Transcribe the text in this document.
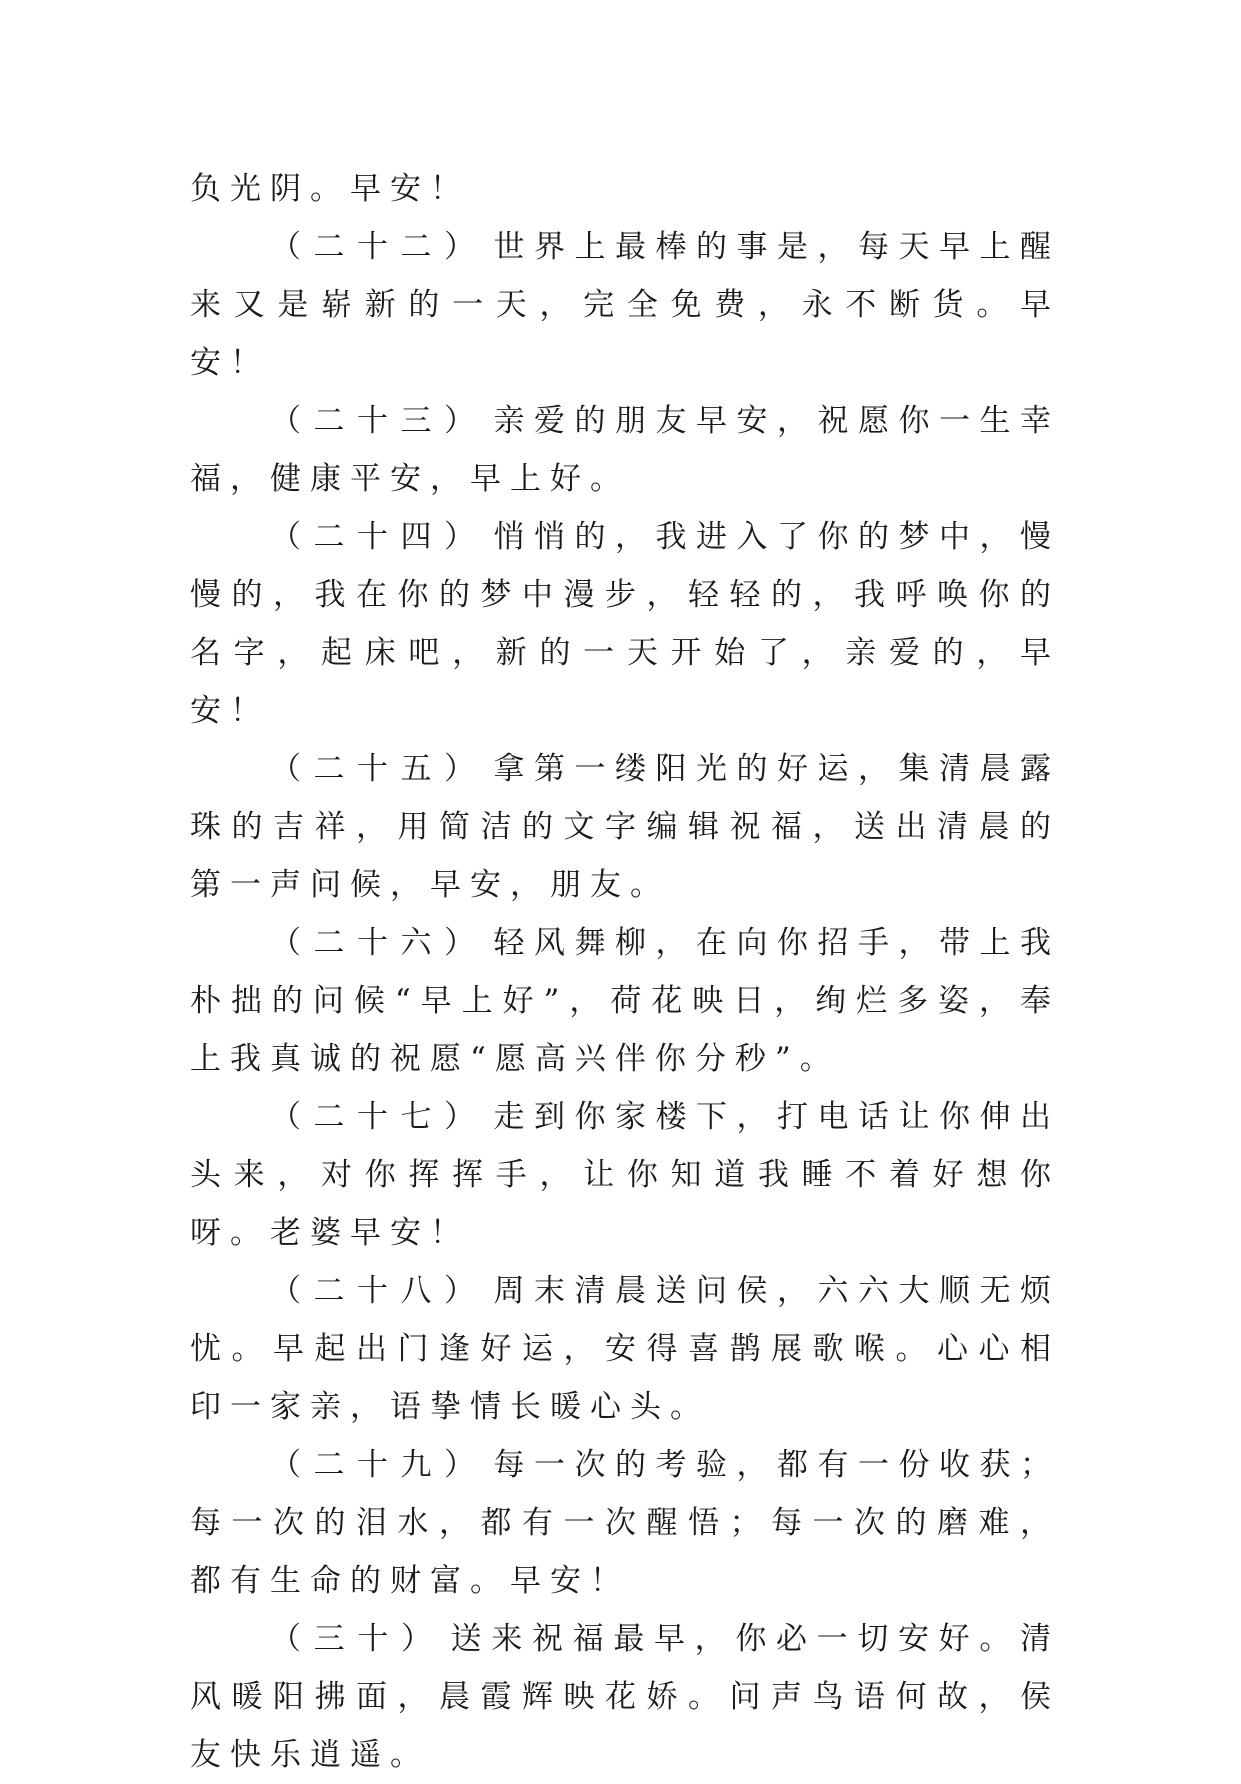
负光阴。早安！

（二十二） 世界上最棒的事是，每天早上醒来又是崭新的一天，完全免费，永不断货。早安！

（二十三） 亲爱的朋友早安，祝愿你一生幸福，健康平安，早上好。

（二十四） 悄悄的，我进入了你的梦中，慢慢的，我在你的梦中漫步，轻轻的，我呼唤你的名字，起床吧，新的一天开始了，亲爱的，早安！

（二十五） 拿第一缕阳光的好运，集清晨露珠的吉祥，用简洁的文字编辑祝福，送出清晨的第一声问候，早安，朋友。

（二十六） 轻风舞柳，在向你招手，带上我朴拙的问候“早上好”，荷花映日，绚烂多姿，奉上我真诚的祝愿“愿高兴伴你分秒”。

（二十七） 走到你家楼下，打电话让你伸出头来，对你挥挥手，让你知道我睡不着好想你呀。老婆早安！

（二十八） 周末清晨送问侯，六六大顺无烦忧。早起出门逢好运，安得喜鹊展歌喉。心心相印一家亲，语挚情长暖心头。

（二十九） 每一次的考验，都有一份收获；每一次的泪水，都有一次醒悟；每一次的磨难，都有生命的财富。早安！

（三十） 送来祝福最早，你必一切安好。清风暖阳拂面，晨霞辉映花娇。问声鸟语何故，侯友快乐逍遥。
